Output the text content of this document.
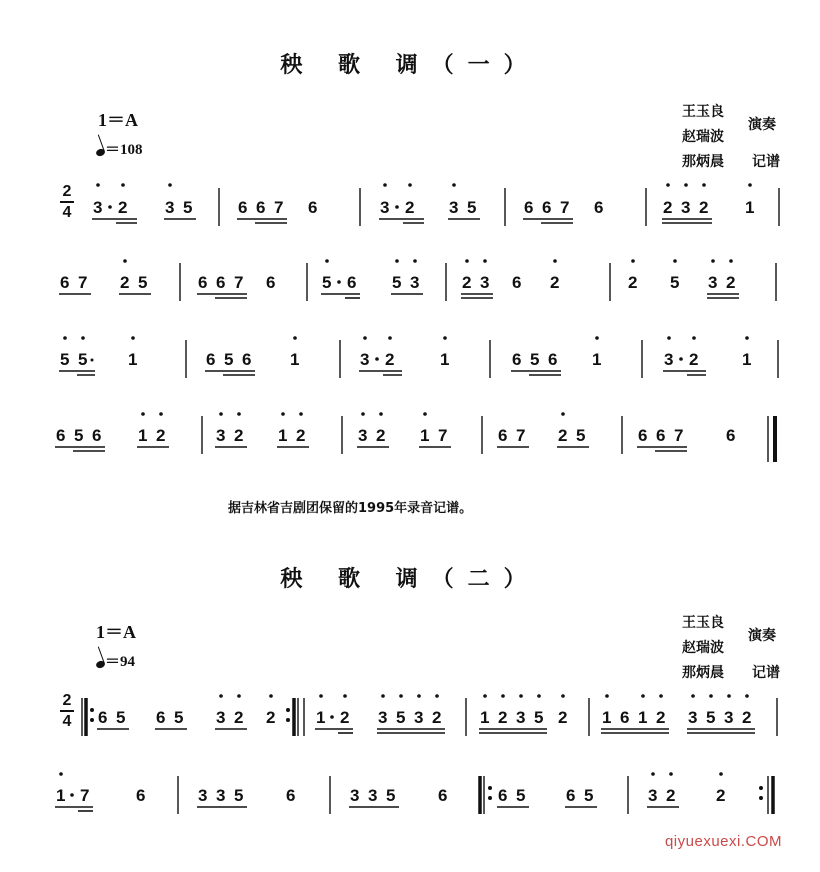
秧 歌 调（一）
1＝A
＝108
王玉良
赵瑞波
那炳晨
演奏
记谱
2
4
据吉林省吉剧团保留的1995年录音记谱。
秧 歌 调（二）
1＝A
＝94
王玉良
赵瑞波
那炳晨
演奏
记谱
2
4
3 2 3 5	6 6 7 6	3 2 3 5	6 6 7 6	2 3 2 1
6 7 2 5	6 6 7 6	5 6 5 3	2 3 6 2	2 5 3 2
5 5 1	6 5 6 1	3 2	1	6 5 6 1	3 2	1
6 5 6 1 2	3 2 1 2	3 2 1 7	6 7 2 5	6 6 7	6
6 5 6 5 3 2 2 1 2 3 5 3 2 1 2 3 5 2 1 6 1 2 3 5 3 2
1 7	6	3 3 5	6	3 3 5	6	6 5 6 5	3 2 2
qiyuexuexi.COM
